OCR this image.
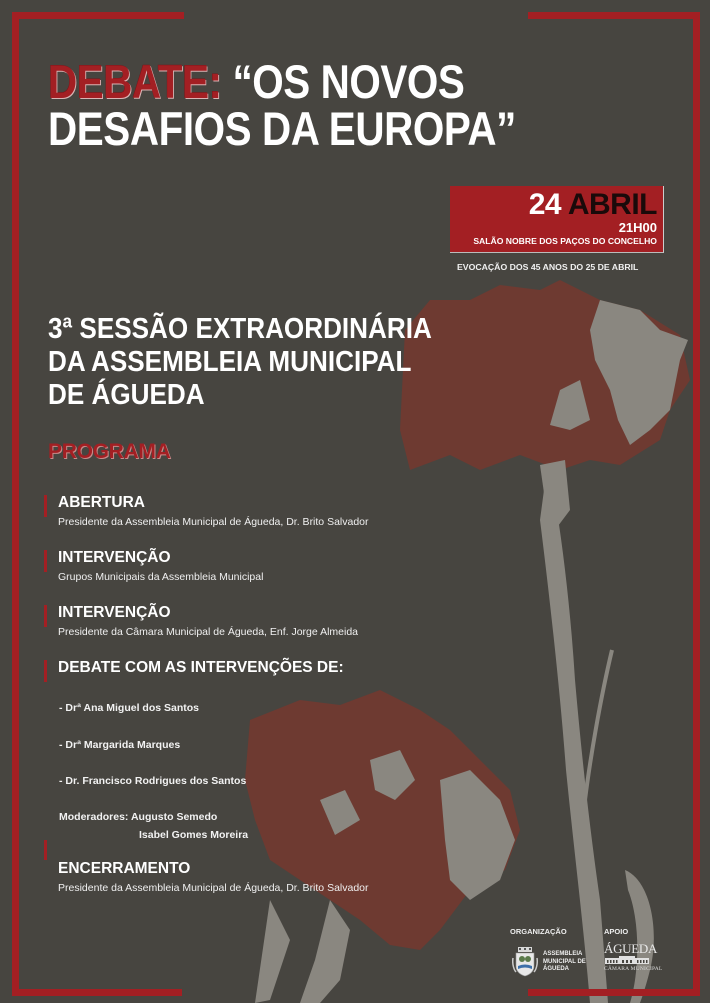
DEBATE: “OS NOVOS
DESAFIOS DA EUROPA”
24 ABRIL
21H00
SALÃO NOBRE DOS PAÇOS DO CONCELHO
EVOCAÇÃO DOS 45 ANOS DO 25 DE ABRIL
3ª SESSÃO EXTRAORDINÁRIA
DA ASSEMBLEIA MUNICIPAL
DE ÁGUEDA
PROGRAMA
ABERTURA
Presidente da Assembleia Municipal de Águeda, Dr. Brito Salvador
INTERVENÇÃO
Grupos Municipais da Assembleia Municipal
INTERVENÇÃO
Presidente da Câmara Municipal de Águeda, Enf. Jorge Almeida
DEBATE COM AS INTERVENÇÕES DE:
- Drª Ana Miguel dos Santos
- Drª Margarida Marques
- Dr. Francisco Rodrigues dos Santos
Moderadores: Augusto Semedo
Isabel Gomes Moreira
ENCERRAMENTO
Presidente da Assembleia Municipal de Águeda, Dr. Brito Salvador
ORGANIZAÇÃO
ASSEMBLEIA
MUNICIPAL DE
ÁGUEDA
APOIO
ÁGUEDA
CÂMARA MUNICIPAL
